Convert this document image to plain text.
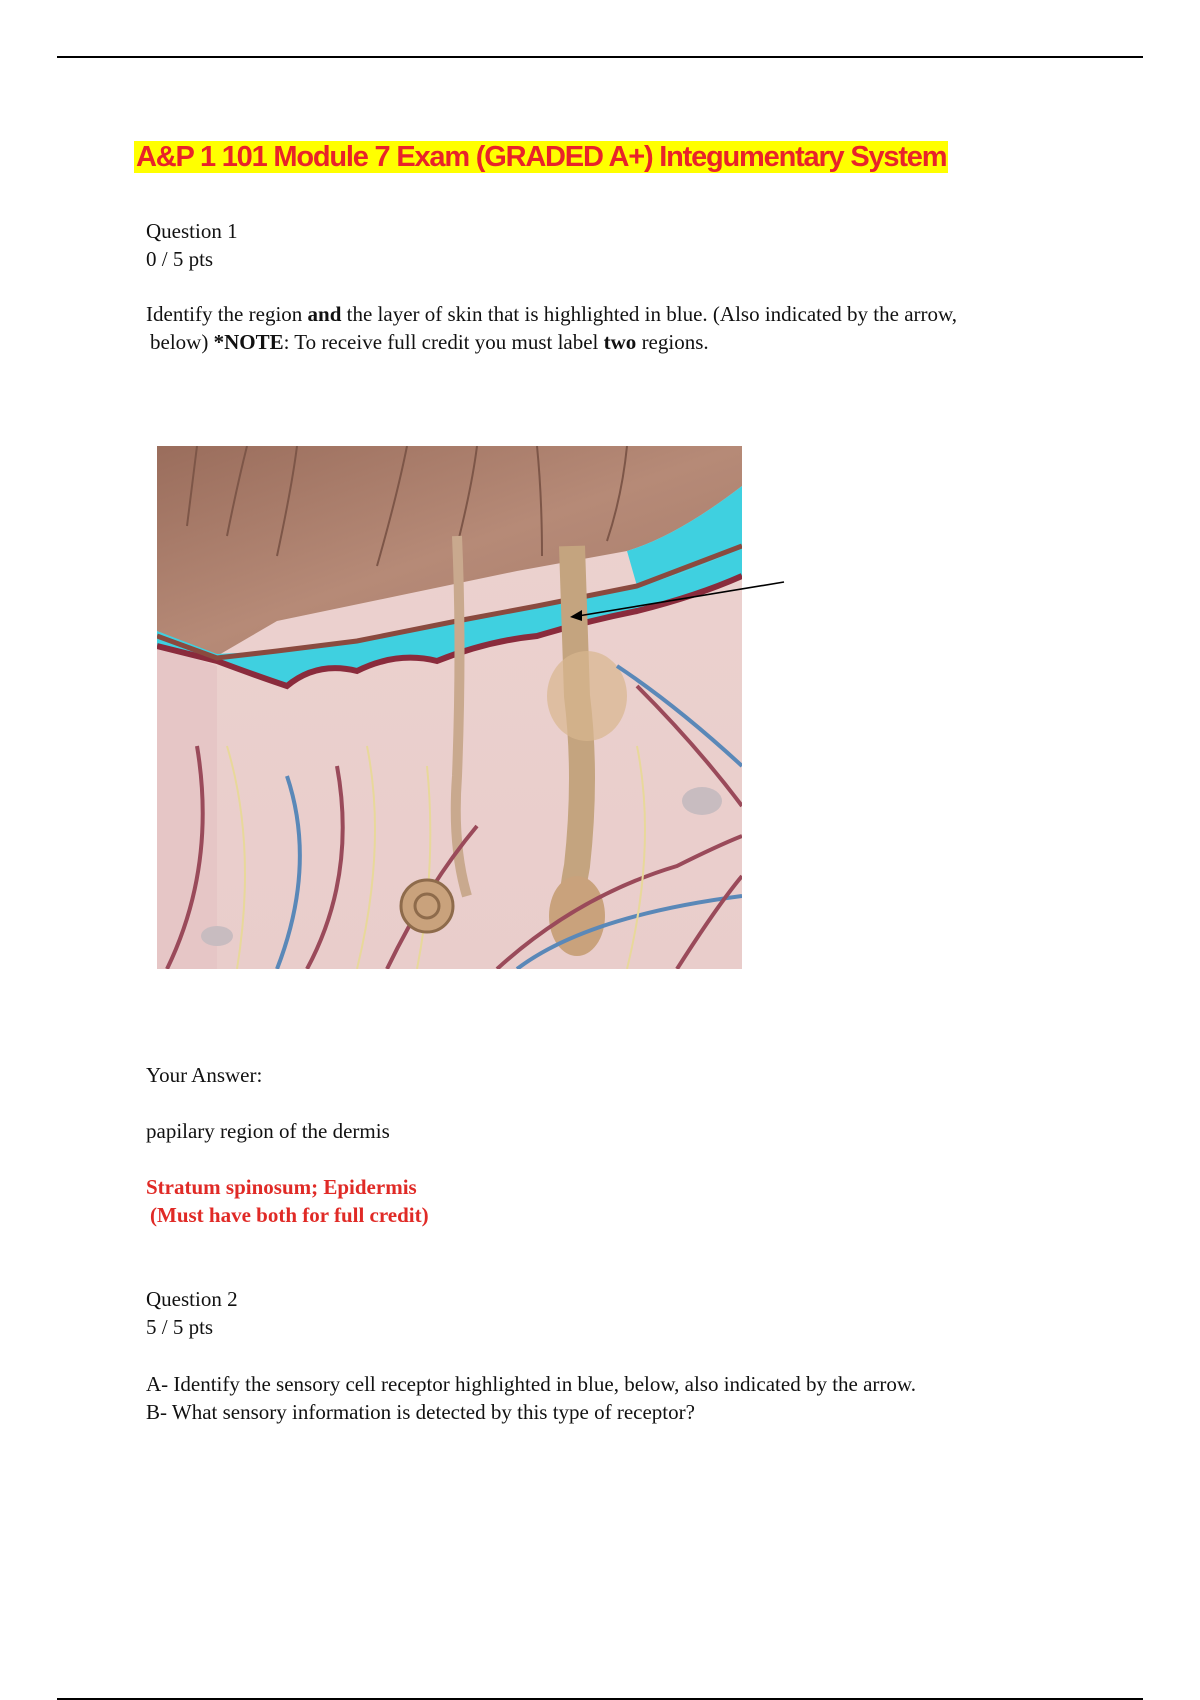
A&P 1 101 Module 7 Exam (GRADED A+) Integumentary System

Question 1

0 / 5 pts

Identify the region and the layer of skin that is highlighted in blue. (Also indicated by the arrow,

below) *NOTE: To receive full credit you must label two regions.

Your Answer:

papilary region of the dermis

Stratum spinosum; Epidermis

(Must have both for full credit)

Question 2

5 / 5 pts

A- Identify the sensory cell receptor highlighted in blue, below, also indicated by the arrow.

B- What sensory information is detected by this type of receptor?
